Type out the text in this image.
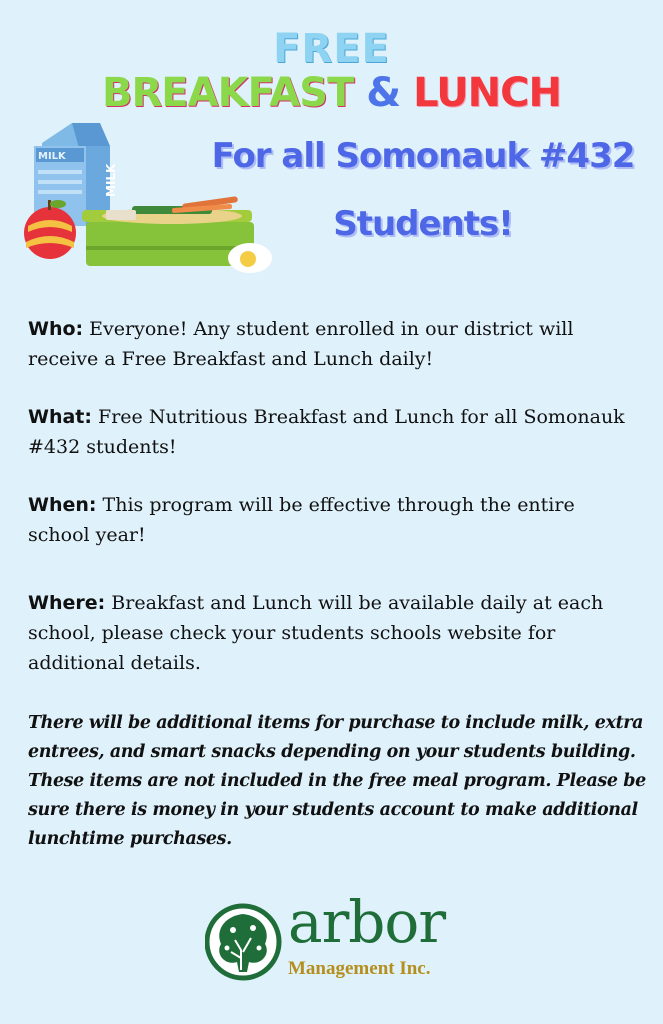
FREE
BREAKFAST & LUNCH
For all Somonauk #432
Students!
MILK
MILK

Who: Everyone! Any student enrolled in our district will receive a Free Breakfast and Lunch daily!

What: Free Nutritious Breakfast and Lunch for all Somonauk #432 students!

When: This program will be effective through the entire school year!

Where: Breakfast and Lunch will be available daily at each school, please check your students schools website for additional details.

There will be additional items for purchase to include milk, extra entrees, and smart snacks depending on your students building. These items are not included in the free meal program. Please be sure there is money in your students account to make additional lunchtime purchases.

arbor
Management Inc.
